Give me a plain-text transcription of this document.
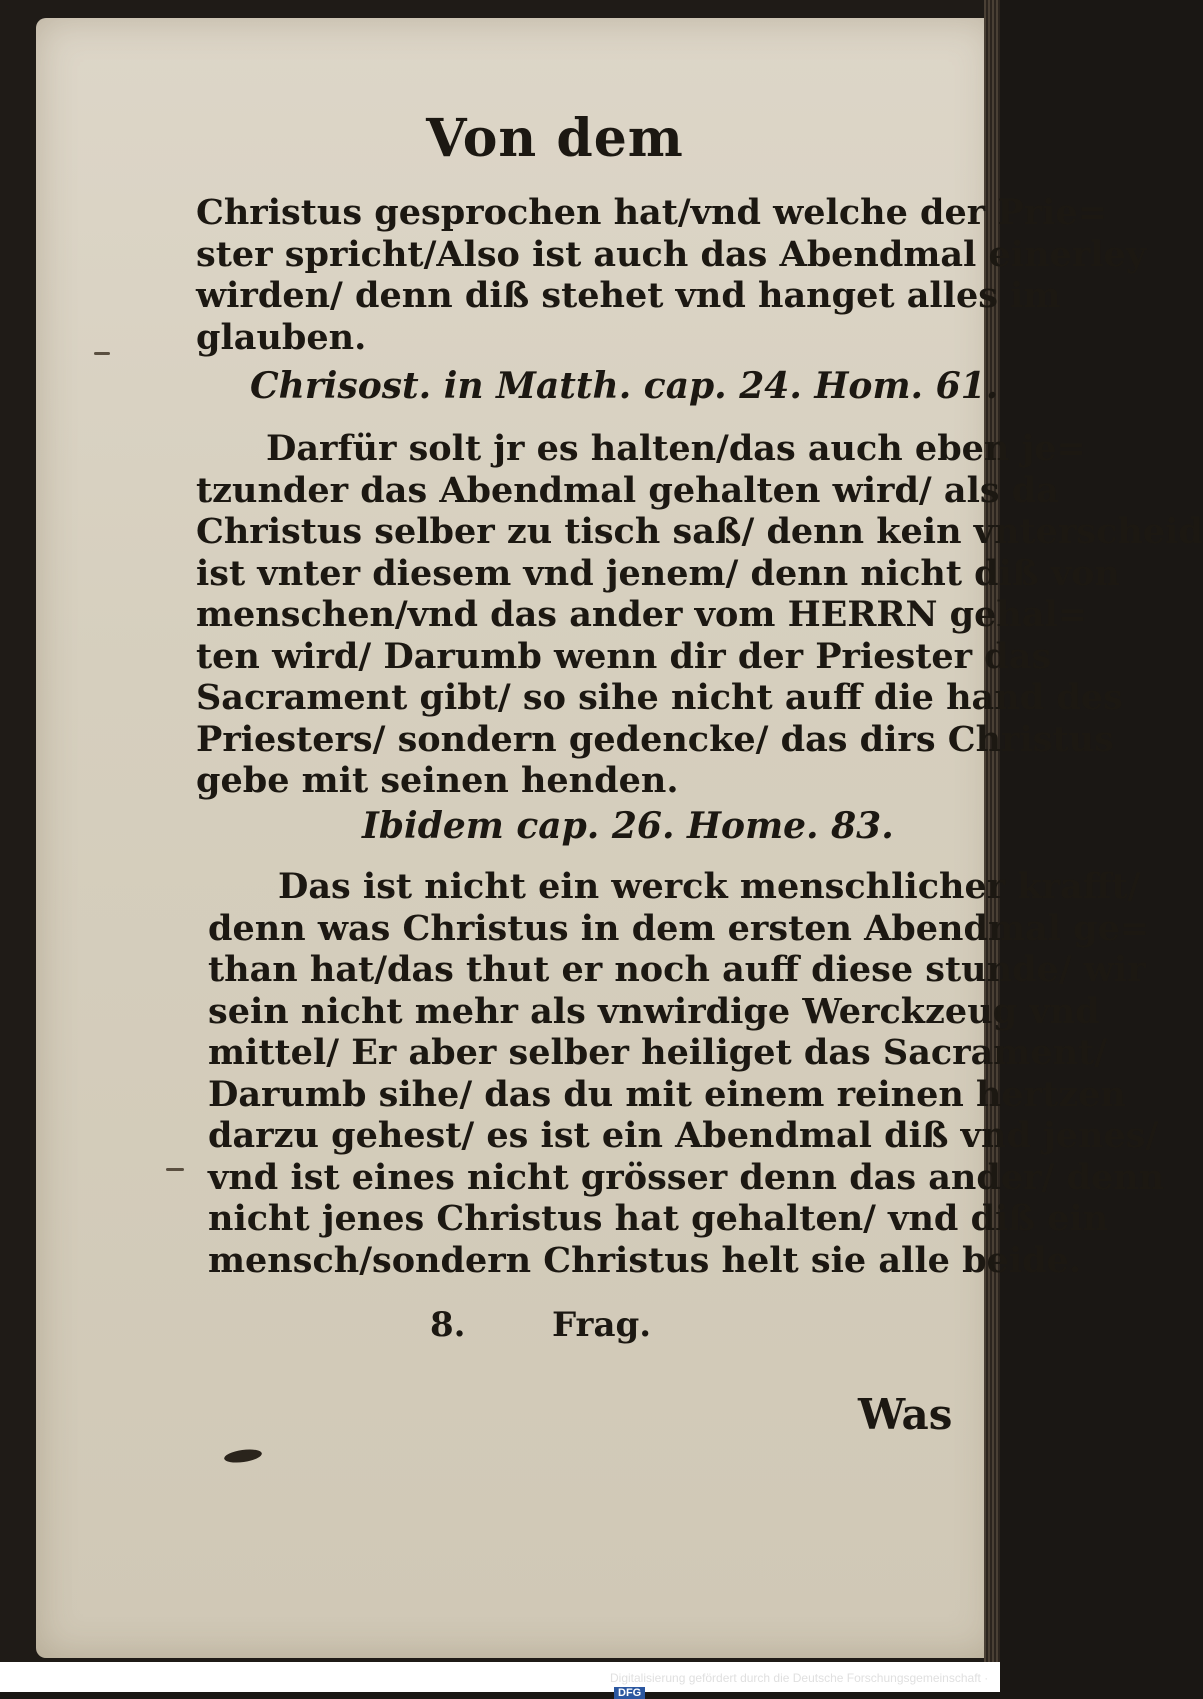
Von dem
Christus gesprochen hat/vnd welche der Prie=
ster spricht/Also ist auch das Abendmal einerley
wirden/ denn diß stehet vnd hanget alles im
glauben.
Chrisost. in Matth. cap. 24. Hom. 61.
Darfür solt jr es halten/das auch eben je=
tzunder das Abendmal gehalten wird/ als da
Christus selber zu tisch saß/ denn kein vnterscheid
ist vnter diesem vnd jenem/ denn nicht diß von
menschen/vnd das ander vom HERRN gehal=
ten wird/ Darumb wenn dir der Priester das
Sacrament gibt/ so sihe nicht auff die hand des
Priesters/ sondern gedencke/ das dirs Christus
gebe mit seinen henden.
Ibidem cap. 26. Home. 83.
Das ist nicht ein werck menschlicher krafft/
denn was Christus in dem ersten Abendmal ge=
than hat/das thut er noch auff diese stunde/ wir
sein nicht mehr als vnwirdige Werckzeug vnd
mittel/ Er aber selber heiliget das Sacrament/
Darumb sihe/ das du mit einem reinen hertzen
darzu gehest/ es ist ein Abendmal diß vnd jenes/
vnd ist eines nicht grösser denn das ander/ denn
nicht jenes Christus hat gehalten/ vnd diß ein
mensch/sondern Christus helt sie alle beide.
8.	Frag.
Was
Digitalisierung gefördert durch die Deutsche Forschungsgemeinschaft ·DFG
